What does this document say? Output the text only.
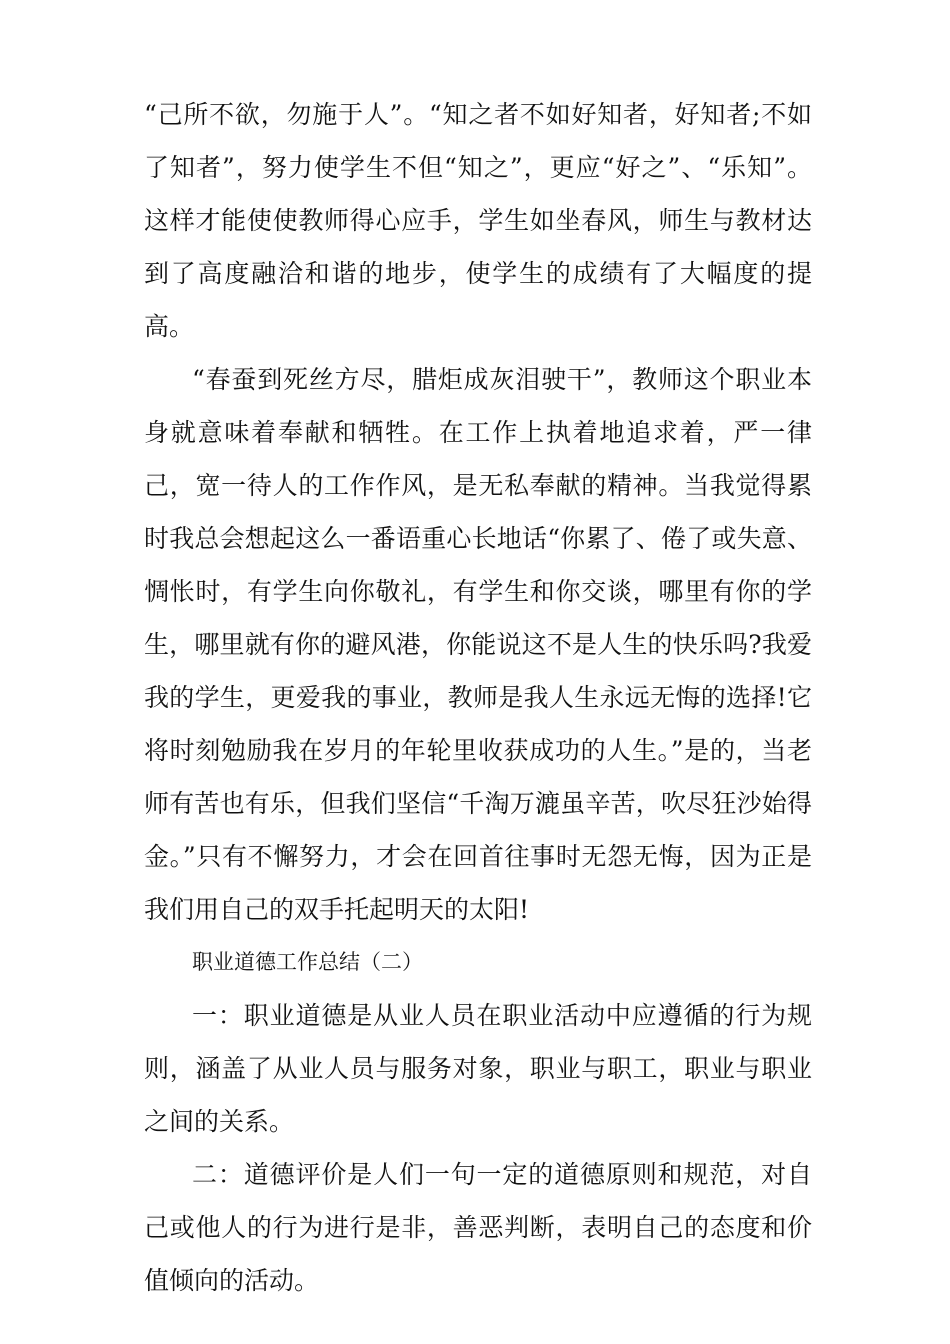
“己所不欲，勿施于人”。“知之者不如好知者，好知者;不如了知者”，努力使学生不但“知之”，更应“好之”、“乐知”。 这样才能使使教师得心应手，学生如坐春风，师生与教材达到了高度融洽和谐的地步，使学生的成绩有了大幅度的提高。

“春蚕到死丝方尽，腊炬成灰泪驶干”，教师这个职业本身就意味着奉献和牺牲。在工作上执着地追求着，严一律己，宽一待人的工作作风，是无私奉献的精神。当我觉得累时我总会想起这么一番语重心长地话“你累了、倦了或失意、惆怅时，有学生向你敬礼，有学生和你交谈，哪里有你的学生，哪里就有你的避风港，你能说这不是人生的快乐吗?我爱我的学生，更爱我的事业，教师是我人生永远无悔的选择!它将时刻勉励我在岁月的年轮里收获成功的人生。”是的，当老师有苦也有乐，但我们坚信“千淘万漉虽辛苦，吹尽狂沙始得金。”只有不懈努力，才会在回首往事时无怨无悔，因为正是我们用自己的双手托起明天的太阳!

职业道德工作总结（二）

一：职业道德是从业人员在职业活动中应遵循的行为规则，涵盖了从业人员与服务对象，职业与职工，职业与职业之间的关系。

二：道德评价是人们一句一定的道德原则和规范，对自己或他人的行为进行是非，善恶判断，表明自己的态度和价值倾向的活动。
